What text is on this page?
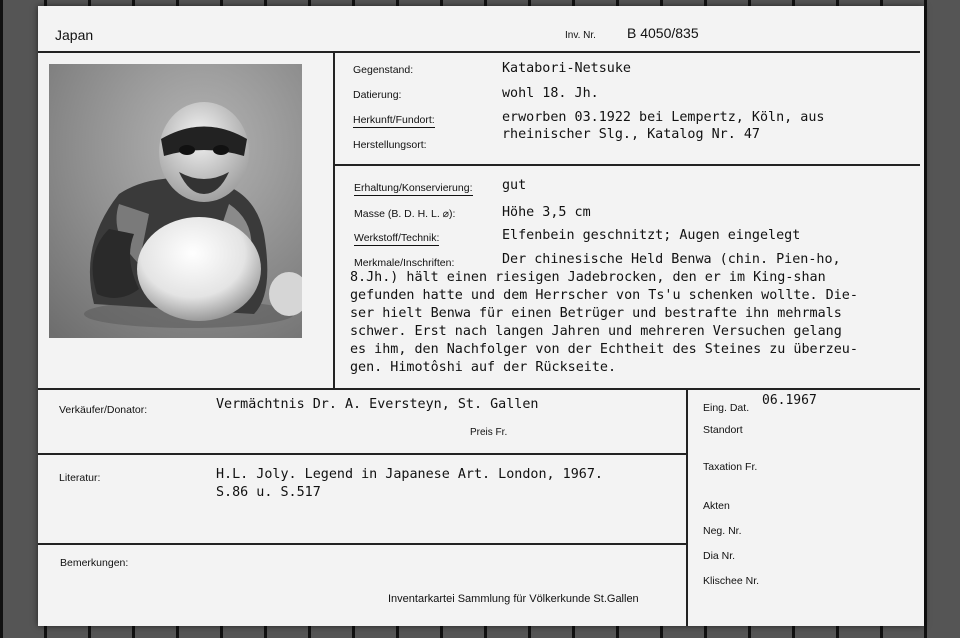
Japan	Inv. Nr. B 4050/835
Gegenstand:	Katabori-Netsuke
Datierung:	wohl 18. Jh.
Herkunft/Fundort:	erworben 03.1922 bei Lempertz, Köln, aus
rheinischer Slg., Katalog Nr. 47
Herstellungsort:
Erhaltung/Konservierung: gut
Masse (B. D. H. L. ⌀):	Höhe 3,5 cm
Werkstoff/Technik:	Elfenbein geschnitzt; Augen eingelegt
Merkmale/Inschriften:	Der chinesische Held Benwa (chin. Pien-ho,
8.Jh.) hält einen riesigen Jadebrocken, den er im King-shan
gefunden hatte und dem Herrscher von Ts'u schenken wollte. Die-
ser hielt Benwa für einen Betrüger und bestrafte ihn mehrmals
schwer. Erst nach langen Jahren und mehreren Versuchen gelang
es ihm, den Nachfolger von der Echtheit des Steines zu überzeu-
gen. Himotôshi auf der Rückseite.
Verkäufer/Donator:	Vermächtnis Dr. A. Eversteyn, St. Gallen
Preis Fr.
Literatur:	H.L. Joly. Legend in Japanese Art. London, 1967.
S.86 u. S.517
Bemerkungen:
Inventarkartei Sammlung für Völkerkunde St.Gallen
Eing. Dat. 06.1967
Standort
Taxation Fr.
Akten
Neg. Nr.
Dia Nr.
Klischee Nr.
